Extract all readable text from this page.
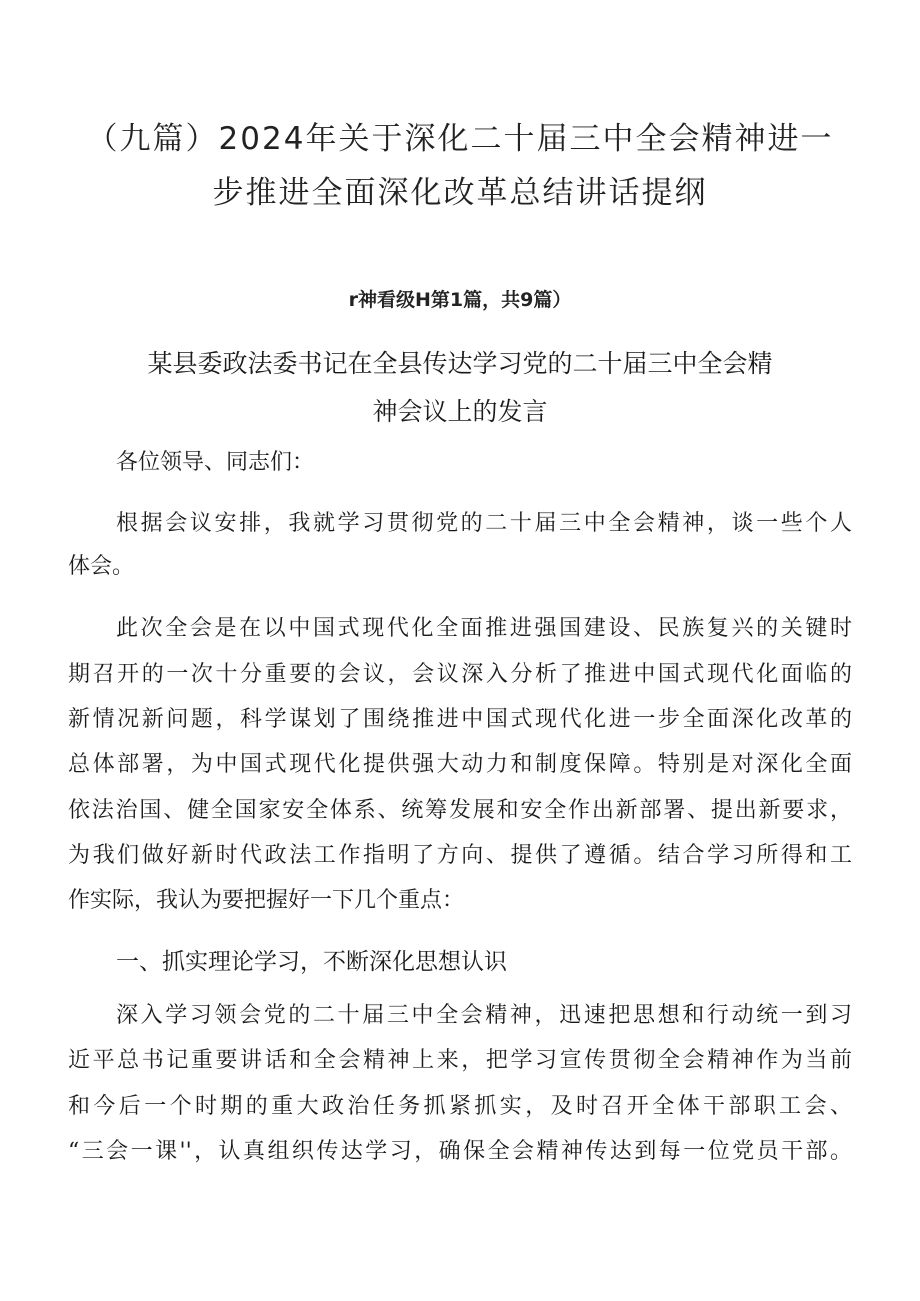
（九篇）2024年关于深化二十届三中全会精神进一
步推进全面深化改革总结讲话提纲
r神看级H第1篇，共9篇）
某县委政法委书记在全县传达学习党的二十届三中全会精
神会议上的发言
各位领导、同志们：
根据会议安排，我就学习贯彻党的二十届三中全会精神，谈一些个人
体会。
此次全会是在以中国式现代化全面推进强国建设、民族复兴的关键时
期召开的一次十分重要的会议，会议深入分析了推进中国式现代化面临的
新情况新问题，科学谋划了围绕推进中国式现代化进一步全面深化改革的
总体部署，为中国式现代化提供强大动力和制度保障。特别是对深化全面
依法治国、健全国家安全体系、统筹发展和安全作出新部署、提出新要求，
为我们做好新时代政法工作指明了方向、提供了遵循。结合学习所得和工
作实际，我认为要把握好一下几个重点：
一、抓实理论学习，不断深化思想认识
深入学习领会党的二十届三中全会精神，迅速把思想和行动统一到习
近平总书记重要讲话和全会精神上来，把学习宣传贯彻全会精神作为当前
和今后一个时期的重大政治任务抓紧抓实，及时召开全体干部职工会、
“三会一课''，认真组织传达学习，确保全会精神传达到每一位党员干部。
